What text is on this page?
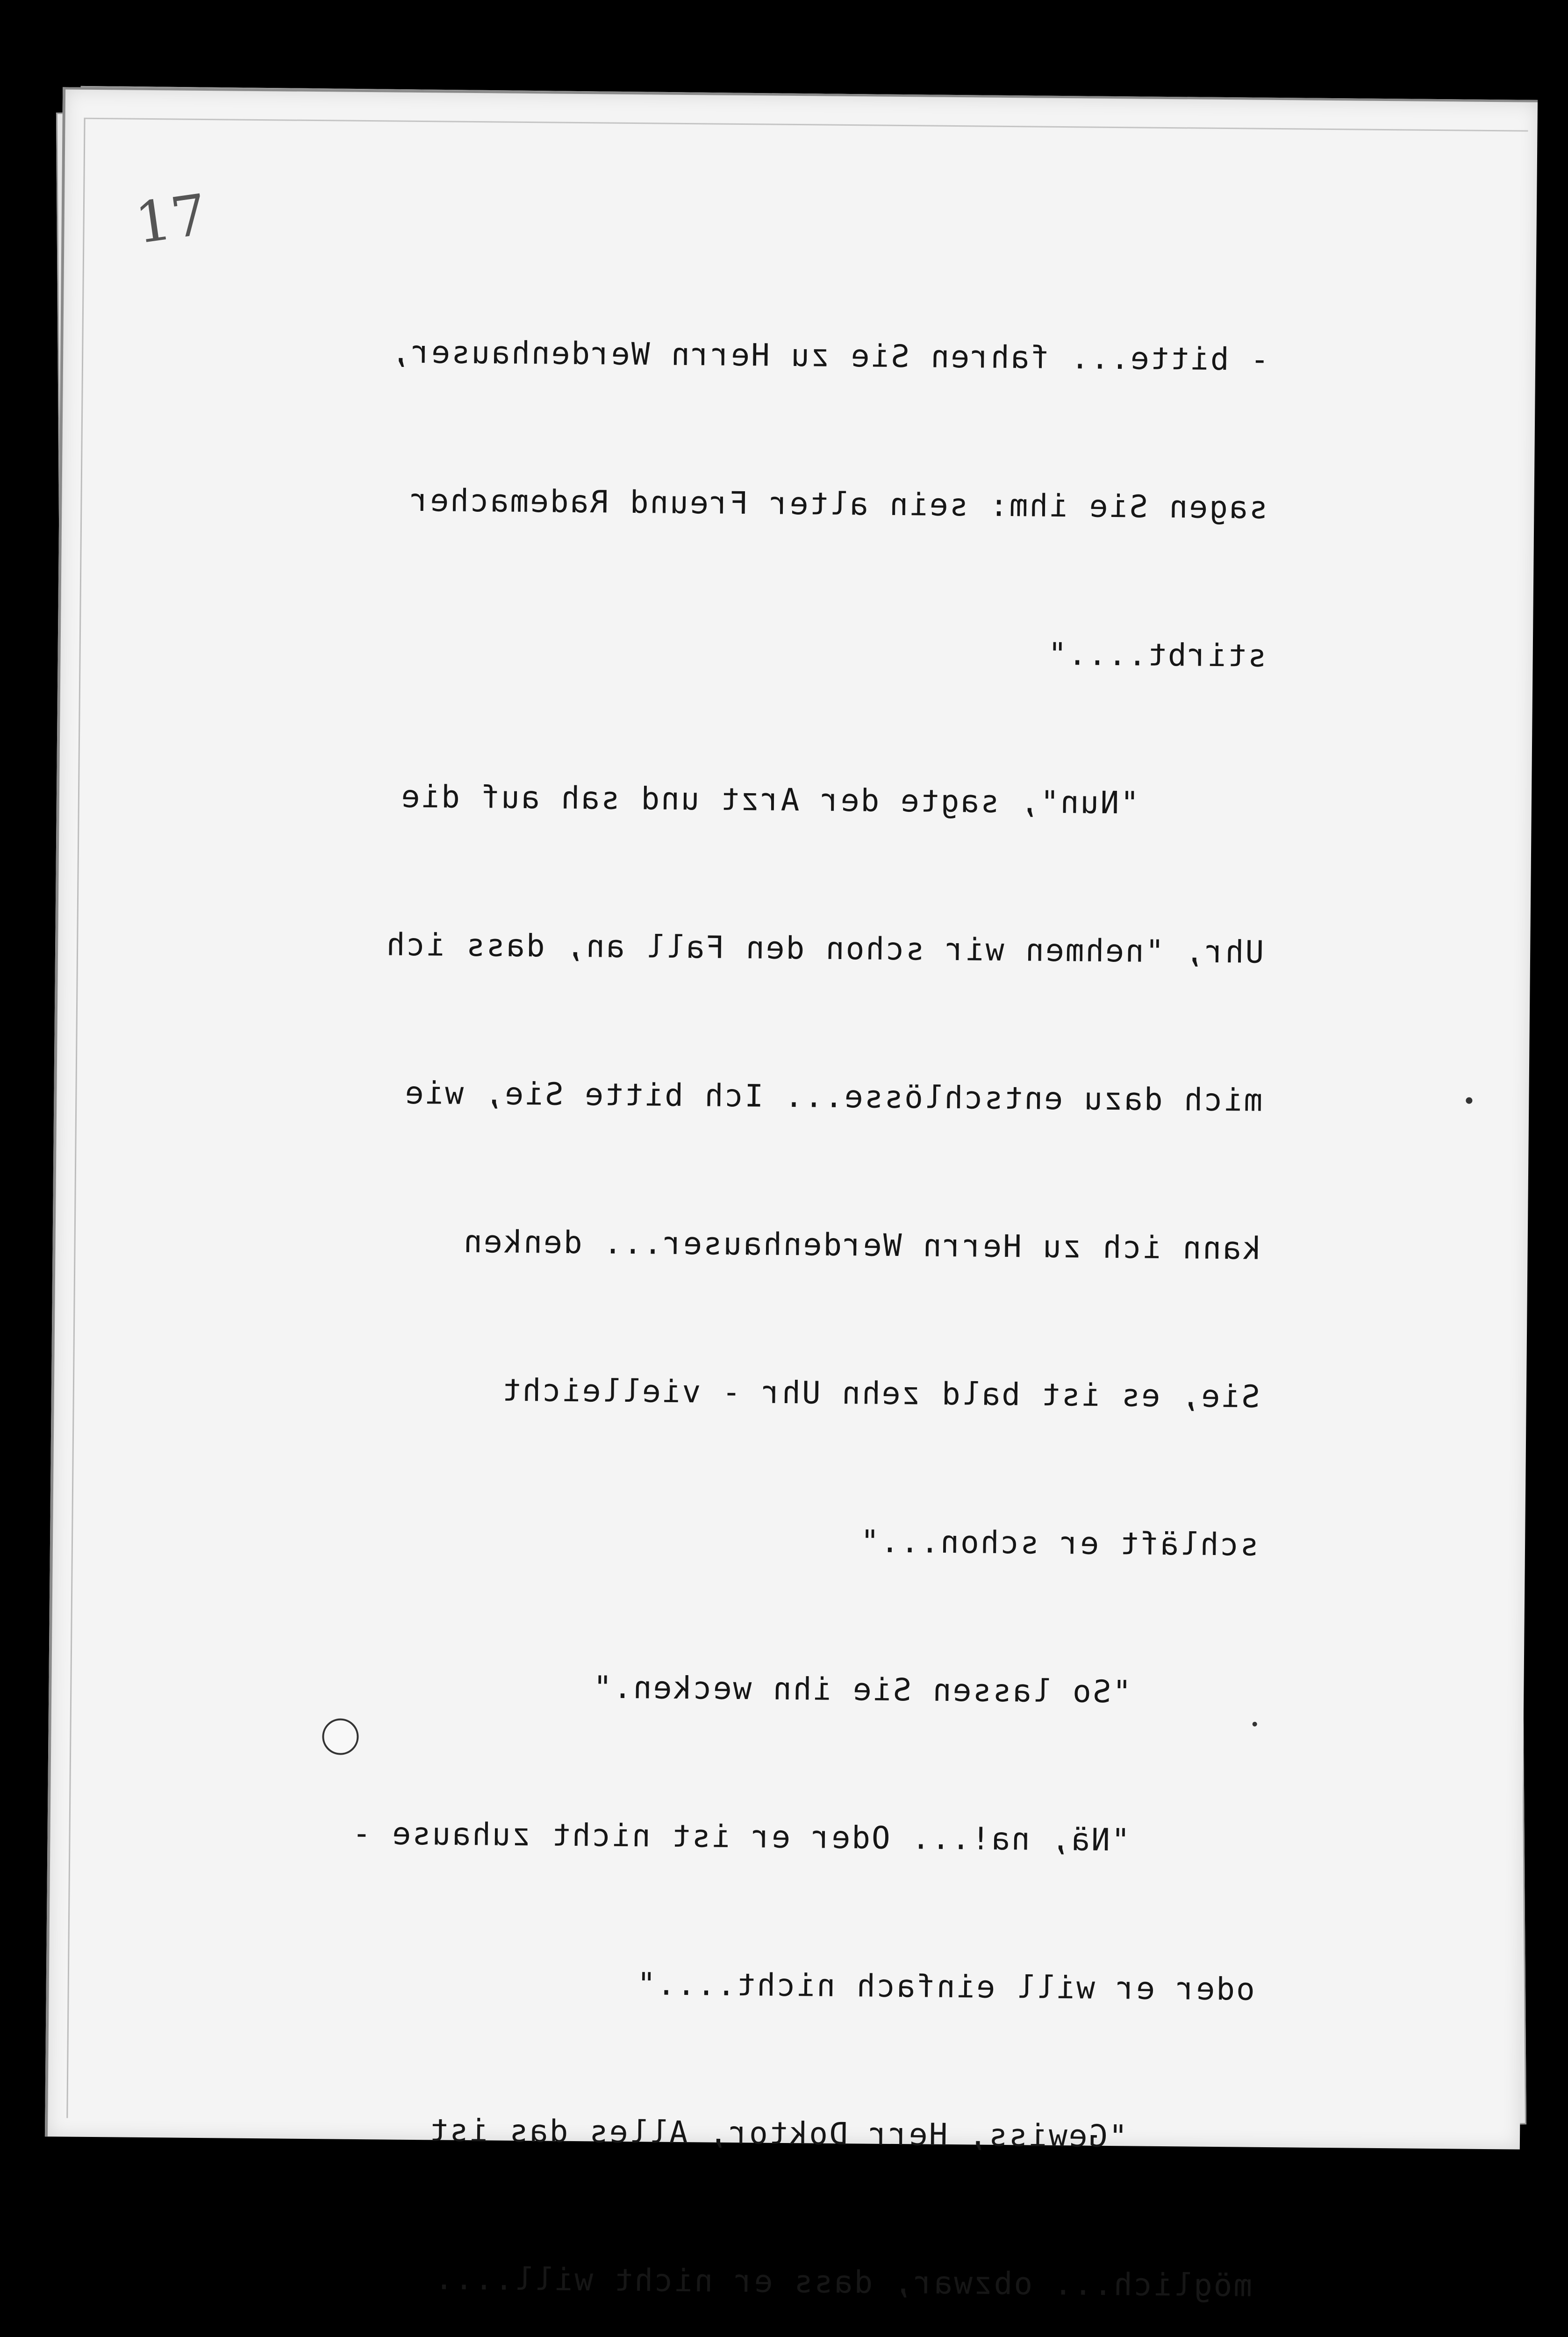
- bitte... fahren Sie zu Herrn Werdenhauser,

sagen Sie ihm: sein alter Freund Rademacher

stirbt...."

"Nun", sagte der Arzt und sah auf die

Uhr, "nehmen wir schon den Fall an, dass ich

mich dazu entschlösse... Ich bitte Sie, wie

kann ich zu Herrn Werdenhauser... denken

Sie, es ist bald zehn Uhr - vielleicht

schläft er schon..."

"So lassen Sie ihn wecken."

"Nä, na!... Oder er ist nicht zuhause -

oder er will einfach nicht...."

"Gewiss, Herr Doktor, Alles das ist

möglich... obzwar, dass er nicht will....

17
